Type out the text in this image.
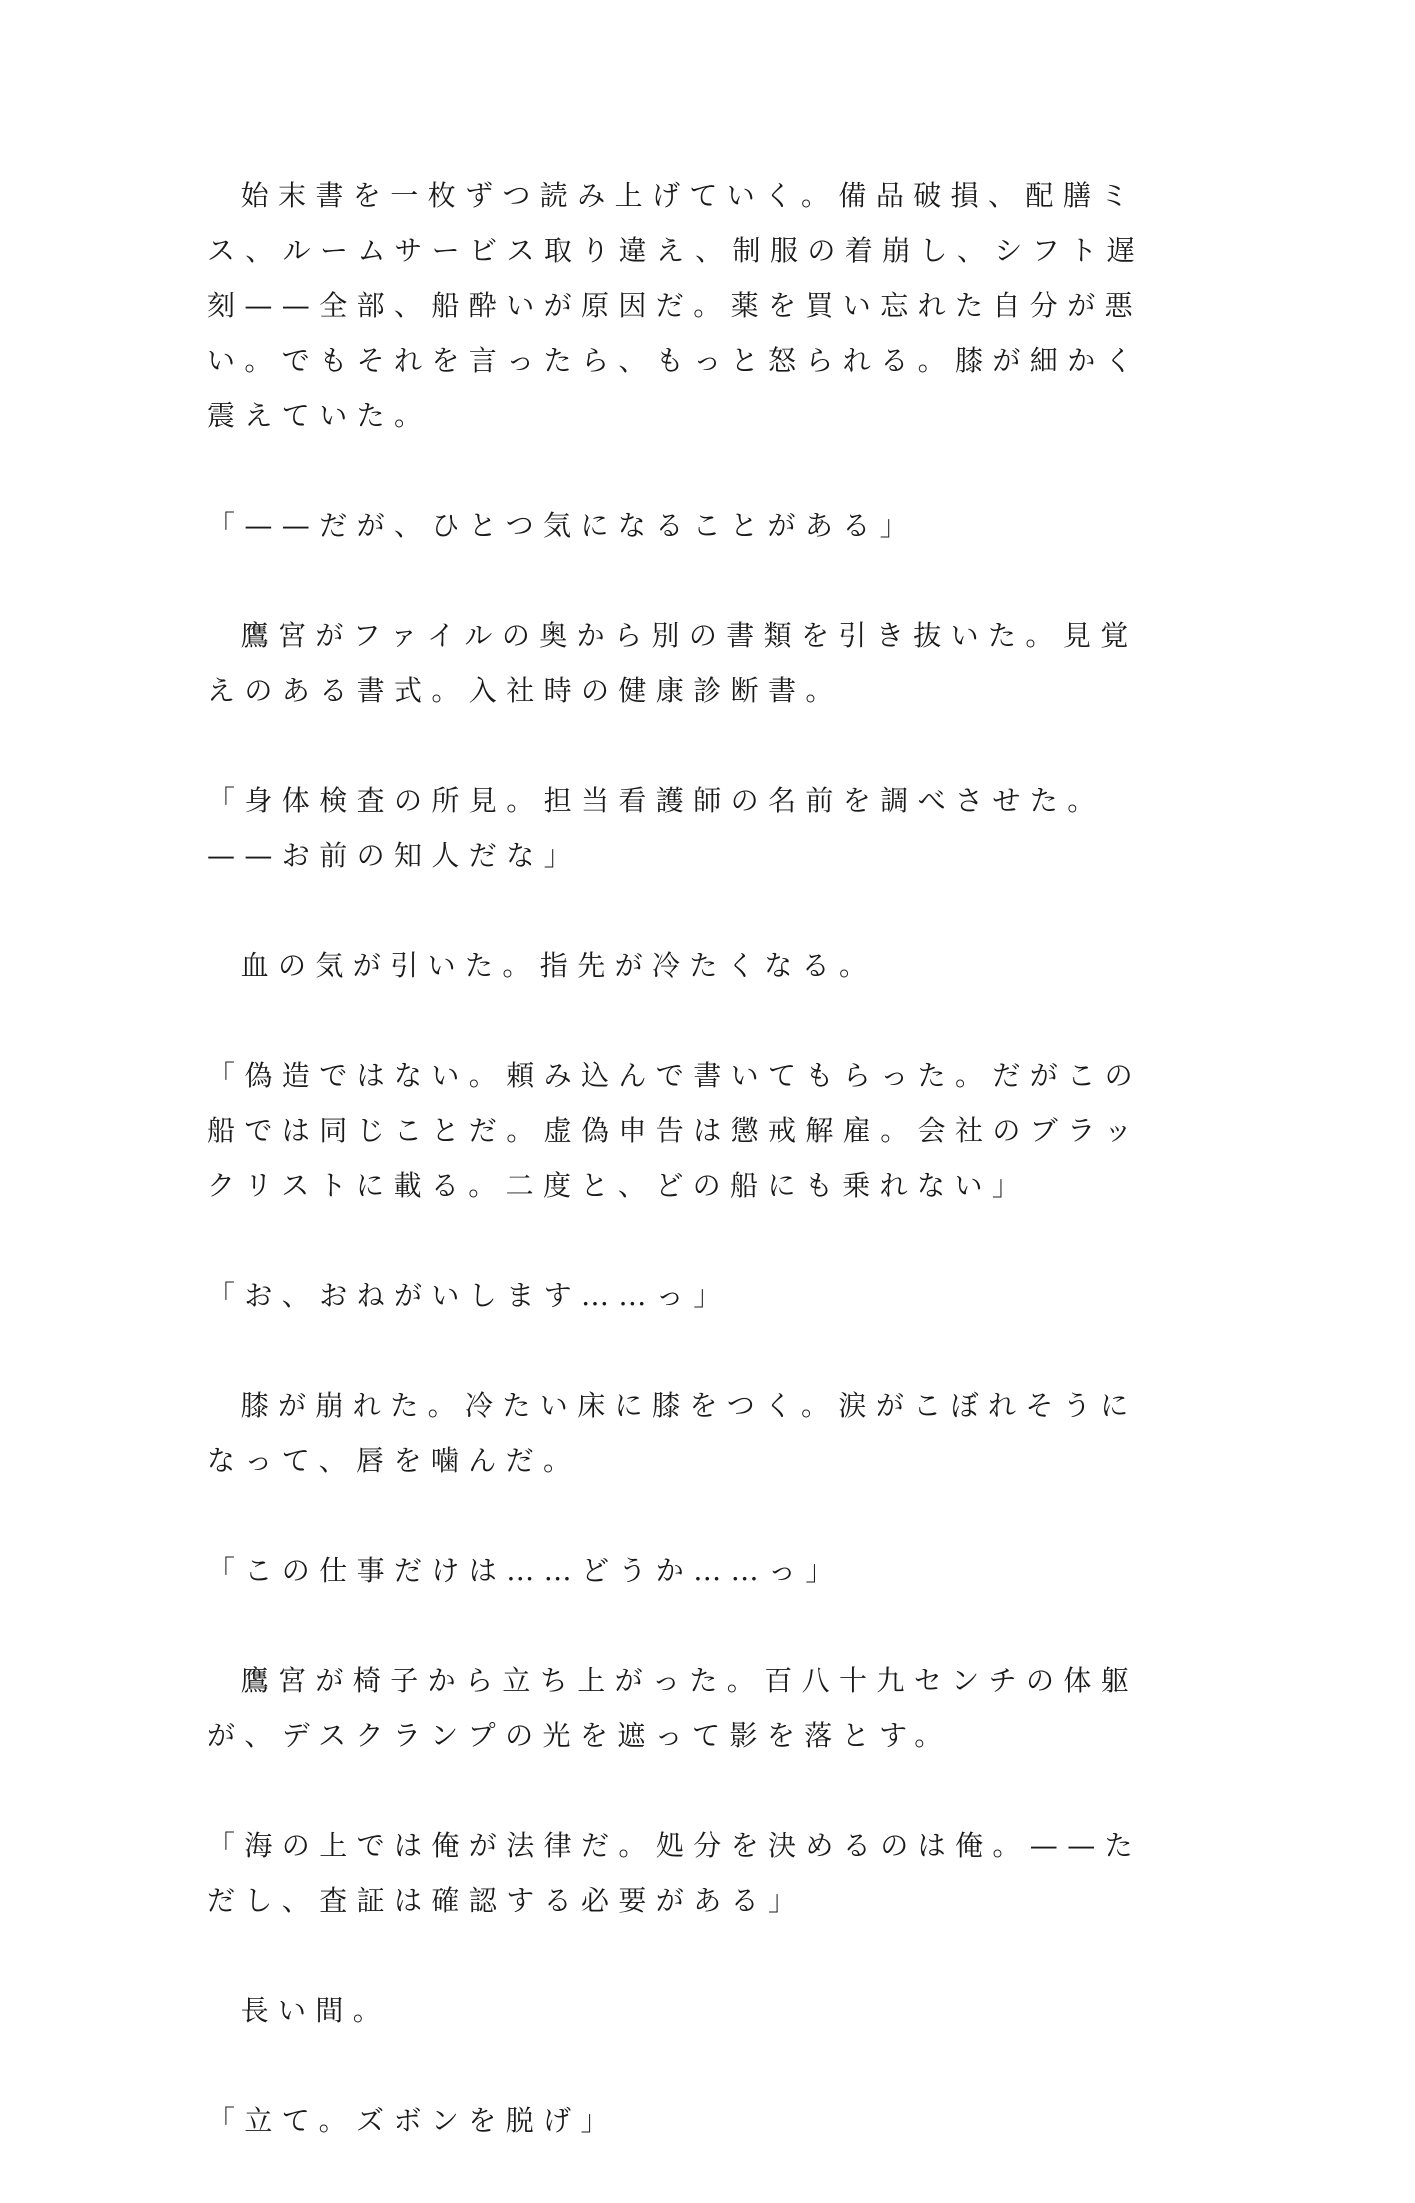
始末書を一枚ずつ読み上げていく。備品破損、配膳ミス、ルームサービス取り違え、制服の着崩し、シフト遅刻——全部、船酔いが原因だ。薬を買い忘れた自分が悪い。でもそれを言ったら、もっと怒られる。膝が細かく震えていた。

「——だが、ひとつ気になることがある」

鷹宮がファイルの奥から別の書類を引き抜いた。見覚えのある書式。入社時の健康診断書。

「身体検査の所見。担当看護師の名前を調べさせた。——お前の知人だな」

血の気が引いた。指先が冷たくなる。

「偽造ではない。頼み込んで書いてもらった。だがこの船では同じことだ。虚偽申告は懲戒解雇。会社のブラックリストに載る。二度と、どの船にも乗れない」

「お、おねがいします……っ」

膝が崩れた。冷たい床に膝をつく。涙がこぼれそうになって、唇を噛んだ。

「この仕事だけは……どうか……っ」

鷹宮が椅子から立ち上がった。百八十九センチの体躯が、デスクランプの光を遮って影を落とす。

「海の上では俺が法律だ。処分を決めるのは俺。——ただし、査証は確認する必要がある」

長い間。

「立て。ズボンを脱げ」
